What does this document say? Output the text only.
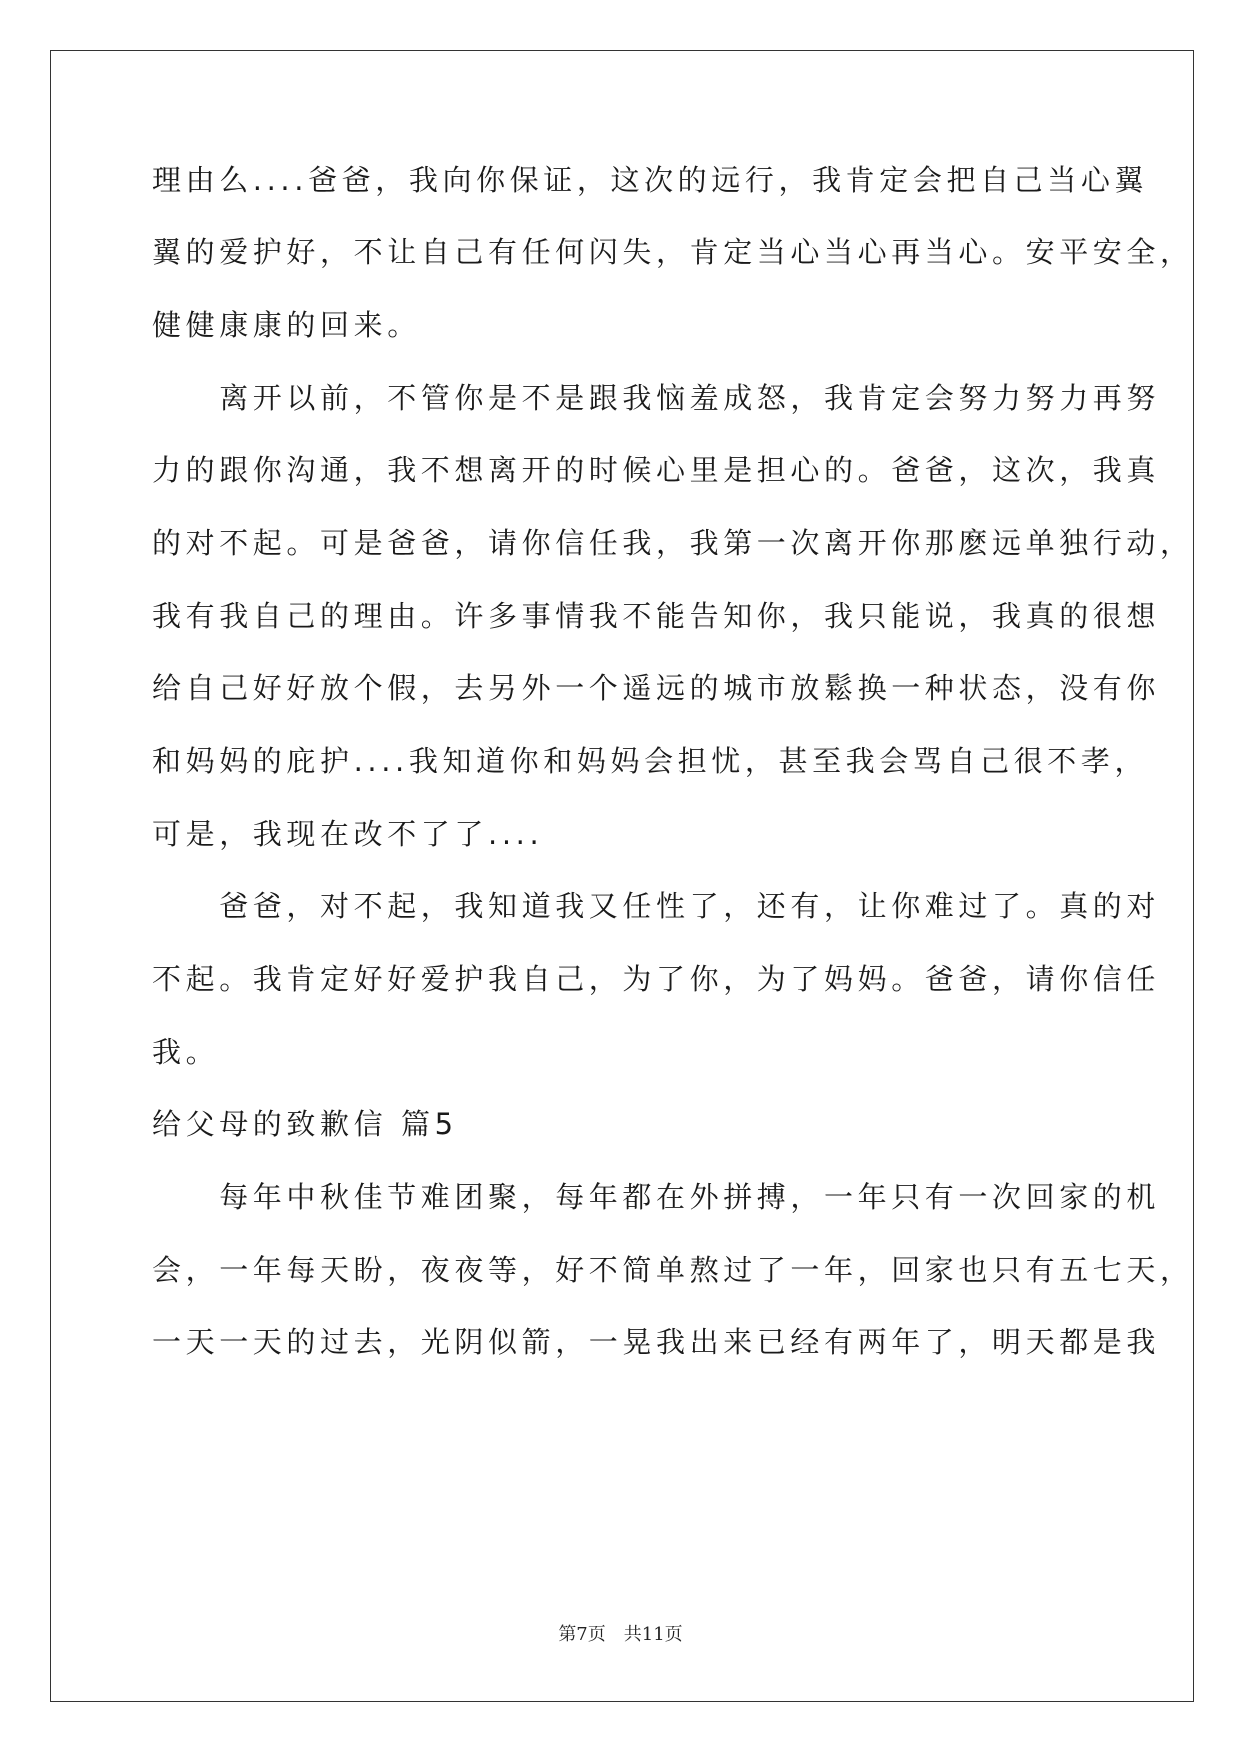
理由么....爸爸，我向你保证，这次的远行，我肯定会把自己当心翼
翼的爱护好，不让自己有任何闪失，肯定当心当心再当心。安平安全，
健健康康的回来。
　　离开以前，不管你是不是跟我恼羞成怒，我肯定会努力努力再努
力的跟你沟通，我不想离开的时候心里是担心的。爸爸，这次，我真
的对不起。可是爸爸，请你信任我，我第一次离开你那麽远单独行动，
我有我自己的理由。许多事情我不能告知你，我只能说，我真的很想
给自己好好放个假，去另外一个遥远的城市放鬆换一种状态，没有你
和妈妈的庇护....我知道你和妈妈会担忧，甚至我会骂自己很不孝，
可是，我现在改不了了....
　　爸爸，对不起，我知道我又任性了，还有，让你难过了。真的对
不起。我肯定好好爱护我自己，为了你，为了妈妈。爸爸，请你信任
我。
给父母的致歉信 篇5
　　每年中秋佳节难团聚，每年都在外拼搏，一年只有一次回家的机
会，一年每天盼，夜夜等，好不简单熬过了一年，回家也只有五七天，
一天一天的过去，光阴似箭，一晃我出来已经有两年了，明天都是我
第7页　共11页
